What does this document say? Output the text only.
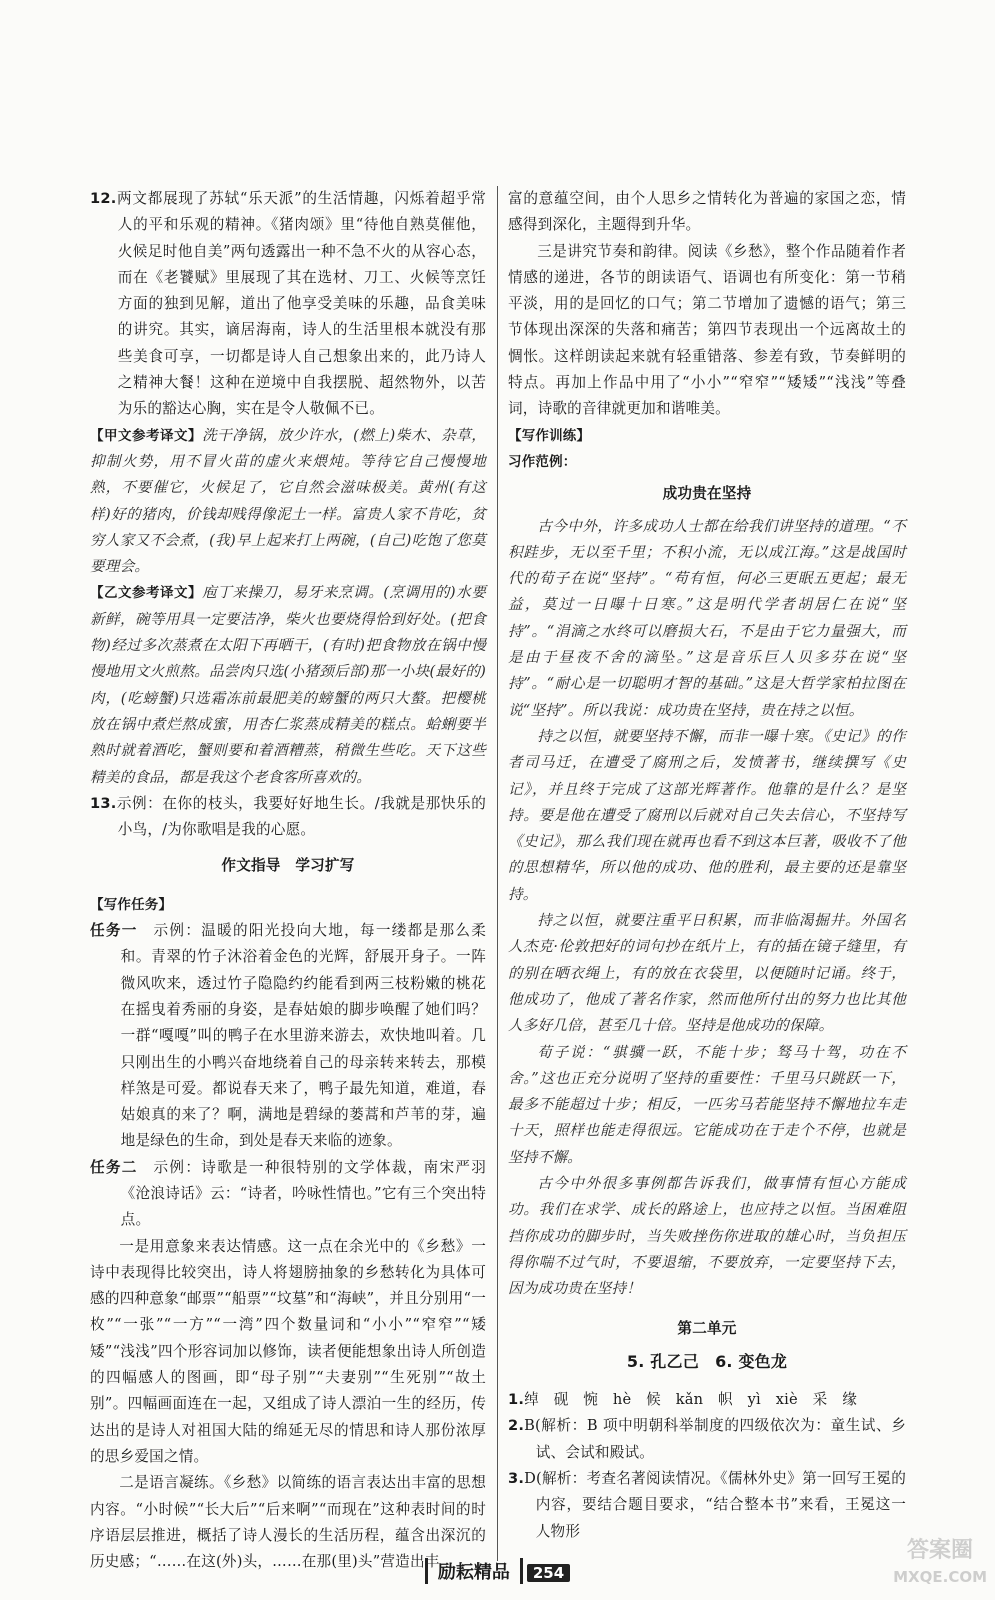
12.两文都展现了苏轼“乐天派”的生活情趣，闪烁着超乎常人的平和乐观的精神。《猪肉颂》里“待他自熟莫催他，火候足时他自美”两句透露出一种不急不火的从容心态，而在《老饕赋》里展现了其在选材、刀工、火候等烹饪方面的独到见解，道出了他享受美味的乐趣，品食美味的讲究。其实，谪居海南，诗人的生活里根本就没有那些美食可享，一切都是诗人自己想象出来的，此乃诗人之精神大餐！这种在逆境中自我摆脱、超然物外，以苦为乐的豁达心胸，实在是令人敬佩不已。

【甲文参考译文】洗干净锅，放少许水，(燃上)柴木、杂草，抑制火势，用不冒火苗的虚火来煨炖。等待它自己慢慢地熟，不要催它，火候足了，它自然会滋味极美。黄州(有这样)好的猪肉，价钱却贱得像泥土一样。富贵人家不肯吃，贫穷人家又不会煮，(我)早上起来打上两碗，(自己)吃饱了您莫要理会。

【乙文参考译文】庖丁来操刀，易牙来烹调。(烹调用的)水要新鲜，碗等用具一定要洁净，柴火也要烧得恰到好处。(把食物)经过多次蒸煮在太阳下再晒干，(有时)把食物放在锅中慢慢地用文火煎熬。品尝肉只选(小猪颈后部)那一小块(最好的)肉，(吃螃蟹)只选霜冻前最肥美的螃蟹的两只大螯。把樱桃放在锅中煮烂熬成蜜，用杏仁浆蒸成精美的糕点。蛤蜊要半熟时就着酒吃，蟹则要和着酒糟蒸，稍微生些吃。天下这些精美的食品，都是我这个老食客所喜欢的。

13.示例：在你的枝头，我要好好地生长。/我就是那快乐的小鸟，/为你歌唱是我的心愿。

作文指导　学习扩写

【写作任务】

任务一　 示例：温暖的阳光投向大地，每一缕都是那么柔和。青翠的竹子沐浴着金色的光辉，舒展开身子。一阵微风吹来，透过竹子隐隐约约能看到两三枝粉嫩的桃花在摇曳着秀丽的身姿，是春姑娘的脚步唤醒了她们吗？一群“嘎嘎”叫的鸭子在水里游来游去，欢快地叫着。几只刚出生的小鸭兴奋地绕着自己的母亲转来转去，那模样煞是可爱。都说春天来了，鸭子最先知道，难道，春姑娘真的来了？啊，满地是碧绿的蒌蒿和芦苇的芽，遍地是绿色的生命，到处是春天来临的迹象。

任务二　 示例：诗歌是一种很特别的文学体裁，南宋严羽《沧浪诗话》云：“诗者，吟咏性情也。”它有三个突出特点。

一是用意象来表达情感。这一点在余光中的《乡愁》一诗中表现得比较突出，诗人将翅膀抽象的乡愁转化为具体可感的四种意象“邮票”“船票”“坟墓”和“海峡”，并且分别用“一枚”“一张”“一方”“一湾”四个数量词和“小小”“窄窄”“矮矮”“浅浅”四个形容词加以修饰，读者便能想象出诗人所创造的四幅感人的图画，即“母子别”“夫妻别”“生死别”“故土别”。四幅画面连在一起，又组成了诗人漂泊一生的经历，传达出的是诗人对祖国大陆的绵延无尽的情思和诗人那份浓厚的思乡爱国之情。

二是语言凝练。《乡愁》以简练的语言表达出丰富的思想内容。“小时候”“长大后”“后来啊”“而现在”这种表时间的时序语层层推进，概括了诗人漫长的生活历程，蕴含出深沉的历史感；“……在这(外)头，……在那(里)头”营造出丰

富的意蕴空间，由个人思乡之情转化为普遍的家国之恋，情感得到深化，主题得到升华。

三是讲究节奏和韵律。阅读《乡愁》，整个作品随着作者情感的递进，各节的朗读语气、语调也有所变化：第一节稍平淡，用的是回忆的口气；第二节增加了遗憾的语气；第三节体现出深深的失落和痛苦；第四节表现出一个远离故土的惆怅。这样朗读起来就有轻重错落、参差有致，节奏鲜明的特点。再加上作品中用了“小小”“窄窄”“矮矮”“浅浅”等叠词，诗歌的音律就更加和谐唯美。

【写作训练】

习作范例：

成功贵在坚持

古今中外，许多成功人士都在给我们讲坚持的道理。“不积跬步，无以至千里；不积小流，无以成江海。”这是战国时代的荀子在说“坚持”。“苟有恒，何必三更眠五更起；最无益，莫过一日曝十日寒。”这是明代学者胡居仁在说“坚持”。“涓滴之水终可以磨损大石，不是由于它力量强大，而是由于昼夜不舍的滴坠。”这是音乐巨人贝多芬在说“坚持”。“耐心是一切聪明才智的基础。”这是大哲学家柏拉图在说“坚持”。所以我说：成功贵在坚持，贵在持之以恒。

持之以恒，就要坚持不懈，而非一曝十寒。《史记》的作者司马迁，在遭受了腐刑之后，发愤著书，继续撰写《史记》，并且终于完成了这部光辉著作。他靠的是什么？是坚持。要是他在遭受了腐刑以后就对自己失去信心，不坚持写《史记》，那么我们现在就再也看不到这本巨著，吸收不了他的思想精华，所以他的成功、他的胜利，最主要的还是靠坚持。

持之以恒，就要注重平日积累，而非临渴掘井。外国名人杰克·伦敦把好的词句抄在纸片上，有的插在镜子缝里，有的别在晒衣绳上，有的放在衣袋里，以便随时记诵。终于，他成功了，他成了著名作家，然而他所付出的努力也比其他人多好几倍，甚至几十倍。坚持是他成功的保障。

荀子说：“骐骥一跃，不能十步；驽马十驾，功在不舍。”这也正充分说明了坚持的重要性：千里马只跳跃一下，最多不能超过十步；相反，一匹劣马若能坚持不懈地拉车走十天，照样也能走得很远。它能成功在于走个不停，也就是坚持不懈。

古今中外很多事例都告诉我们，做事情有恒心方能成功。我们在求学、成长的路途上，也应持之以恒。当困难阻挡你成功的脚步时，当失败挫伤你进取的雄心时，当负担压得你喘不过气时，不要退缩，不要放弃，一定要坚持下去，因为成功贵在坚持！

第二单元

5. 孔乙己　6. 变色龙

1.绰　砚　惋　hè　候　kǎn　帜　yì　xiè　采　缘

2.B(解析：B 项中明朝科举制度的四级依次为：童生试、乡试、会试和殿试。

3.D(解析：考查名著阅读情况。《儒林外史》第一回写王冕的内容，要结合题目要求，“结合整本书”来看，王冕这一人物形

励耘精品 254
答案圈
MXQE.COM
